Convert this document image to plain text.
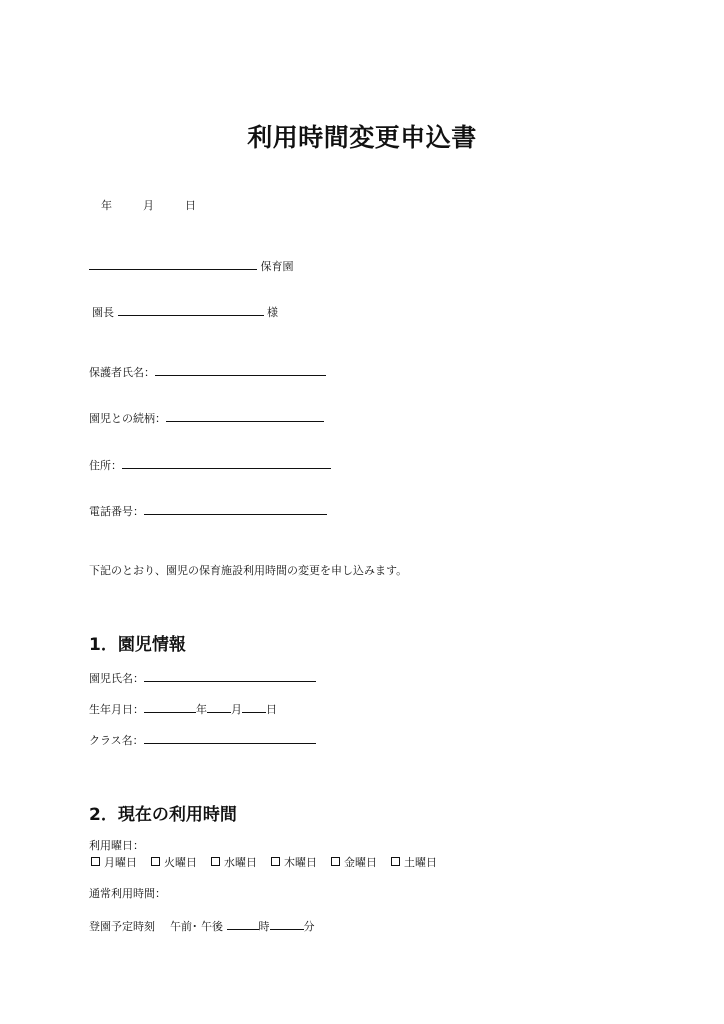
利用時間変更申込書
年	月	日
保育園
園長	様
保護者氏名：
園児との続柄：
住所：
電話番号：
下記のとおり、園児の保育施設利用時間の変更を申し込みます。
1．園児情報
園児氏名：
生年月日：	年 月 日
クラス名：
2．現在の利用時間
利用曜日：
月曜日 火曜日 水曜日 木曜日 金曜日 土曜日
通常利用時間：
登園予定時刻 午前･ 午後	時	分
